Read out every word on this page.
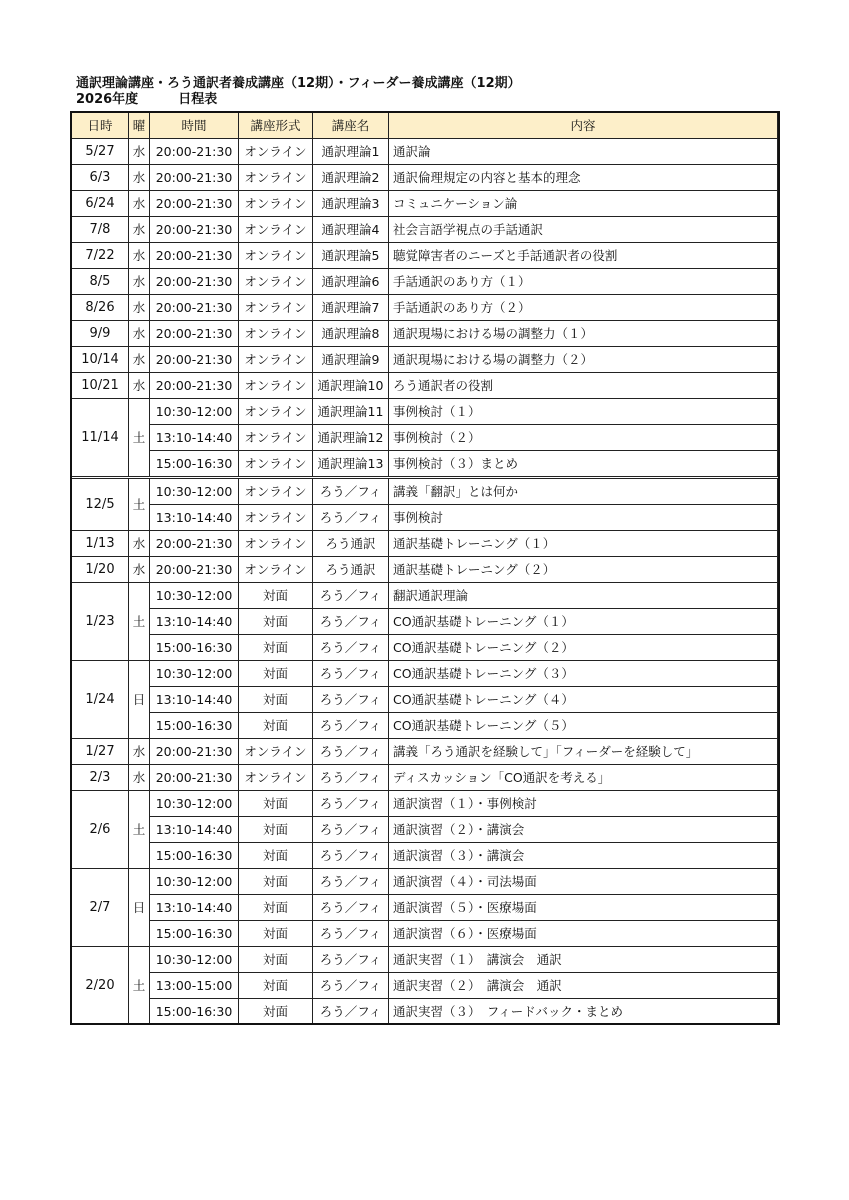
通訳理論講座・ろう通訳者養成講座（12期）・フィーダー養成講座（12期）
2026年度	日程表
日時	曜	時間	講座形式	講座名	内容
5/27	水	20:00-21:30	オンライン	通訳理論1	通訳論
6/3	水	20:00-21:30	オンライン	通訳理論2	通訳倫理規定の内容と基本的理念
6/24	水	20:00-21:30	オンライン	通訳理論3	コミュニケーション論
7/8	水	20:00-21:30	オンライン	通訳理論4	社会言語学視点の手話通訳
7/22	水	20:00-21:30	オンライン	通訳理論5	聴覚障害者のニーズと手話通訳者の役割
8/5	水	20:00-21:30	オンライン	通訳理論6	手話通訳のあり方（１）
8/26	水	20:00-21:30	オンライン	通訳理論7	手話通訳のあり方（２）
9/9	水	20:00-21:30	オンライン	通訳理論8	通訳現場における場の調整力（１）
10/14	水	20:00-21:30	オンライン	通訳理論9	通訳現場における場の調整力（２）
10/21	水	20:00-21:30	オンライン	通訳理論10	ろう通訳者の役割
11/14	土	10:30-12:00	オンライン	通訳理論11	事例検討（１）
		13:10-14:40	オンライン	通訳理論12	事例検討（２）
		15:00-16:30	オンライン	通訳理論13	事例検討（３）まとめ
12/5	土	10:30-12:00	オンライン	ろう／フィ	講義「翻訳」とは何か
		13:10-14:40	オンライン	ろう／フィ	事例検討
1/13	水	20:00-21:30	オンライン	ろう通訳	通訳基礎トレーニング（１）
1/20	水	20:00-21:30	オンライン	ろう通訳	通訳基礎トレーニング（２）
1/23	土	10:30-12:00	対面	ろう／フィ	翻訳通訳理論
		13:10-14:40	対面	ろう／フィ	CO通訳基礎トレーニング（１）
		15:00-16:30	対面	ろう／フィ	CO通訳基礎トレーニング（２）
1/24	日	10:30-12:00	対面	ろう／フィ	CO通訳基礎トレーニング（３）
		13:10-14:40	対面	ろう／フィ	CO通訳基礎トレーニング（４）
		15:00-16:30	対面	ろう／フィ	CO通訳基礎トレーニング（５）
1/27	水	20:00-21:30	オンライン	ろう／フィ	講義「ろう通訳を経験して」「フィーダーを経験して」
2/3	水	20:00-21:30	オンライン	ろう／フィ	ディスカッション「CO通訳を考える」
2/6	土	10:30-12:00	対面	ろう／フィ	通訳演習（１）・事例検討
		13:10-14:40	対面	ろう／フィ	通訳演習（２）・講演会
		15:00-16:30	対面	ろう／フィ	通訳演習（３）・講演会
2/7	日	10:30-12:00	対面	ろう／フィ	通訳演習（４）・司法場面
		13:10-14:40	対面	ろう／フィ	通訳演習（５）・医療場面
		15:00-16:30	対面	ろう／フィ	通訳演習（６）・医療場面
2/20	土	10:30-12:00	対面	ろう／フィ	通訳実習（１）　講演会　通訳
		13:00-15:00	対面	ろう／フィ	通訳実習（２）　講演会　通訳
		15:00-16:30	対面	ろう／フィ	通訳実習（３）　フィードバック・まとめ
